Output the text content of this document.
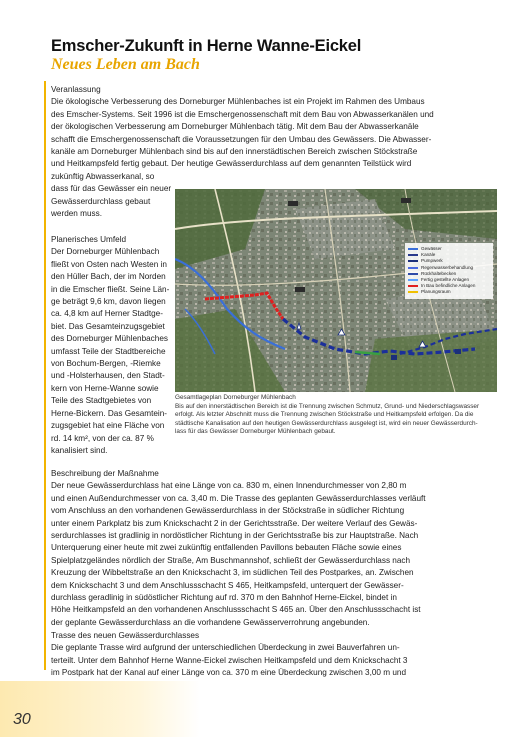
Emscher-Zukunft in Herne Wanne-Eickel
Neues Leben am Bach
Veranlassung
Die ökologische Verbesserung des Dorneburger Mühlenbaches ist ein Projekt im Rahmen des Umbaus
des Emscher-Systems. Seit 1996 ist die Emschergenossenschaft mit dem Bau von Abwasserkanälen und
der ökologischen Verbesserung am Dorneburger Mühlenbach tätig. Mit dem Bau der Abwasserkanäle
schafft die Emschergenossenschaft die Voraussetzungen für den Umbau des Gewässers. Die Abwasser-
kanäle am Dorneburger Mühlenbach sind bis auf den innerstädtischen Bereich zwischen Stöckstraße
und Heitkampsfeld fertig gebaut. Der heutige Gewässerdurchlass auf dem genannten Teilstück wird
zukünftig Abwasserkanal, so
dass für das Gewässer ein neuer
Gewässerdurchlass gebaut
werden muss.
Planerisches Umfeld
Der Dorneburger Mühlenbach
fließt von Osten nach Westen in
den Hüller Bach, der im Norden
in die Emscher fließt. Seine Län-
ge beträgt 9,6 km, davon liegen
ca. 4,8 km auf Herner Stadtge-
biet. Das Gesamteinzugsgebiet
des Dorneburger Mühlenbaches
umfasst Teile der Stadtbereiche
von Bochum-Bergen, -Riemke
und -Holsterhausen, den Stadt-
kern von Herne-Wanne sowie
Teile des Stadtgebietes von
Herne-Bickern. Das Gesamtein-
zugsgebiet hat eine Fläche von
rd. 14 km², von der ca. 87 %
kanalisiert sind.
Gewässer
Kanäle
Pumpwerk
Regenwasserbehandlung
Rückhaltebecken
Fertig gestellte Anlagen
In Bau befindliche Anlagen
Planungsraum
Gesamtlageplan Dorneburger Mühlenbach
Bis auf den innerstädtischen Bereich ist die Trennung zwischen Schmutz, Grund- und Niederschlagswasser
erfolgt. Als letzter Abschnitt muss die Trennung zwischen Stöckstraße und Heitkampsfeld erfolgen. Da die
städtische Kanalisation auf den heutigen Gewässerdurchlass ausgelegt ist, wird ein neuer Gewässerdurch-
lass für das Gewässer Dorneburger Mühlenbach gebaut.
Beschreibung der Maßnahme
Der neue Gewässerdurchlass hat eine Länge von ca. 830 m, einen Innendurchmesser von 2,80 m
und einen Außendurchmesser von ca. 3,40 m. Die Trasse des geplanten Gewässerdurchlasses verläuft
vom Anschluss an den vorhandenen Gewässerdurchlass in der Stöckstraße in südlicher Richtung
unter einem Parkplatz bis zum Knickschacht 2 in der Gerichtsstraße. Der weitere Verlauf des Gewäs-
serdurchlasses ist gradlinig in nordöstlicher Richtung in der Gerichtsstraße bis zur Hauptstraße. Nach
Unterquerung einer heute mit zwei zukünftig entfallenden Pavillons bebauten Fläche sowie eines
Spielplatzgeländes nördlich der Straße, Am Buschmannshof, schließt der Gewässerdurchlass nach
Kreuzung der Wibbeltstraße an den Knickschacht 3, im südlichen Teil des Postparkes, an. Zwischen
dem Knickschacht 3 und dem Anschlussschacht S 465, Heitkampsfeld, unterquert der Gewässer-
durchlass geradlinig in südöstlicher Richtung auf rd. 370 m den Bahnhof Herne-Eickel, bindet in
Höhe Heitkampsfeld an den vorhandenen Anschlussschacht S 465 an. Über den Anschlussschacht ist
der geplante Gewässerdurchlass an die vorhandene Gewässerverrohrung angebunden.
Trasse des neuen Gewässerdurchlasses
Die geplante Trasse wird aufgrund der unterschiedlichen Überdeckung in zwei Bauverfahren un-
terteilt. Unter dem Bahnhof Herne Wanne-Eickel zwischen Heitkampsfeld und dem Knickschacht 3
im Postpark hat der Kanal auf einer Länge von ca. 370 m eine Überdeckung zwischen 3,00 m und
30
